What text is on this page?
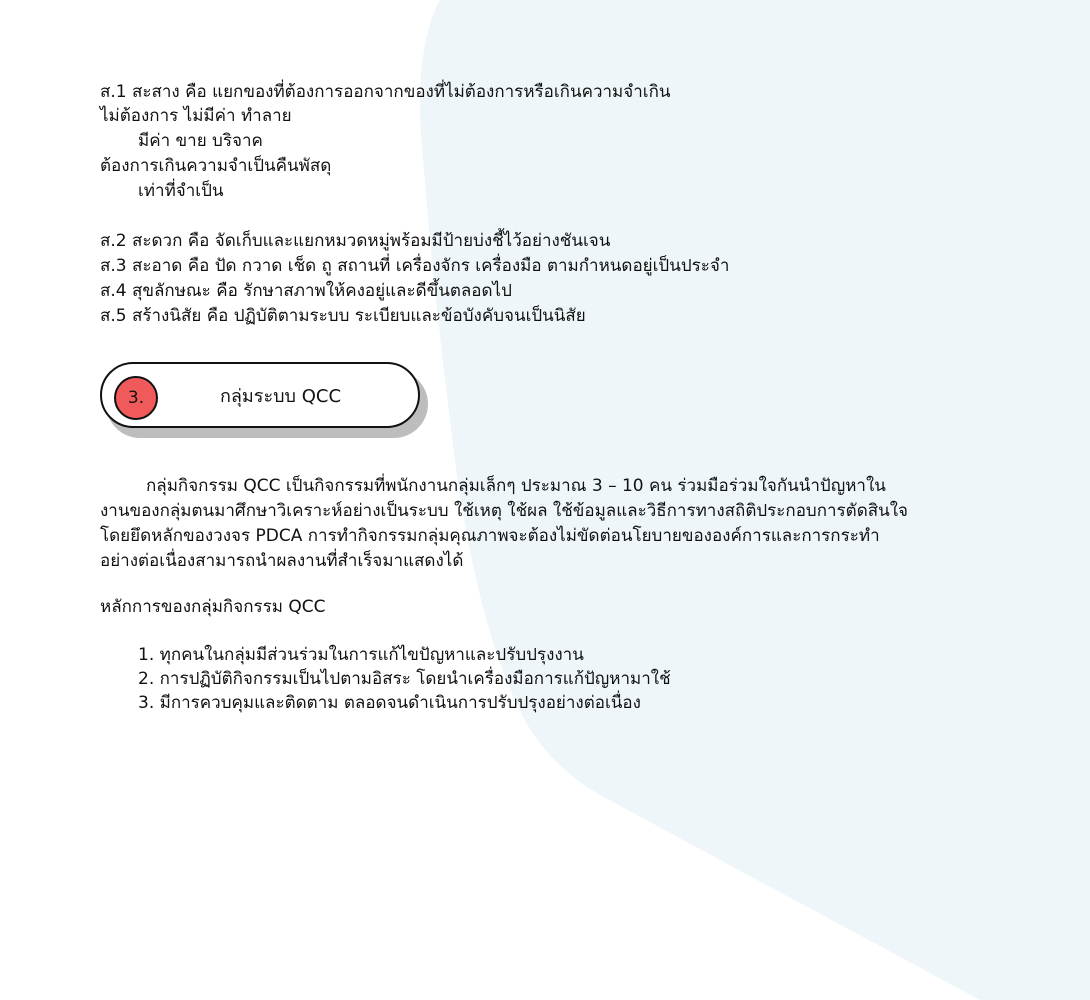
ส.1 สะสาง คือ แยกของที่ต้องการออกจากของที่ไม่ต้องการหรือเกินความจำเกิน
ไม่ต้องการ ไม่มีค่า ทำลาย
มีค่า ขาย บริจาค
ต้องการเกินความจำเป็นคืนพัสดุ
เท่าที่จำเป็น
ส.2 สะดวก คือ จัดเก็บและแยกหมวดหมู่พร้อมมีป้ายบ่งชี้ไว้อย่างชันเจน
ส.3 สะอาด คือ ปัด กวาด เช็ด ถู สถานที่ เครื่องจักร เครื่องมือ ตามกำหนดอยู่เป็นประจำ
ส.4 สุขลักษณะ คือ รักษาสภาพให้คงอยู่และดีขึ้นตลอดไป
ส.5 สร้างนิสัย คือ ปฏิบัติตามระบบ ระเบียบและข้อบังคับจนเป็นนิสัย
3.	กลุ่มระบบ QCC
กลุ่มกิจกรรม QCC เป็นกิจกรรมที่พนักงานกลุ่มเล็กๆ ประมาณ 3 – 10 คน ร่วมมือร่วมใจกันนำปัญหาใน
งานของกลุ่มตนมาศึกษาวิเคราะห์อย่างเป็นระบบ ใช้เหตุ ใช้ผล ใช้ข้อมูลและวิธีการทางสถิติประกอบการตัดสินใจ
โดยยึดหลักของวงจร PDCA การทำกิจกรรมกลุ่มคุณภาพจะต้องไม่ขัดต่อนโยบายขององค์การและการกระทำ
อย่างต่อเนื่องสามารถนำผลงานที่สำเร็จมาแสดงได้
หลักการของกลุ่มกิจกรรม QCC
1. ทุกคนในกลุ่มมีส่วนร่วมในการแก้ไขปัญหาและปรับปรุงงาน
2. การปฏิบัติกิจกรรมเป็นไปตามอิสระ โดยนำเครื่องมือการแก้ปัญหามาใช้
3. มีการควบคุมและติดตาม ตลอดจนดำเนินการปรับปรุงอย่างต่อเนื่อง
